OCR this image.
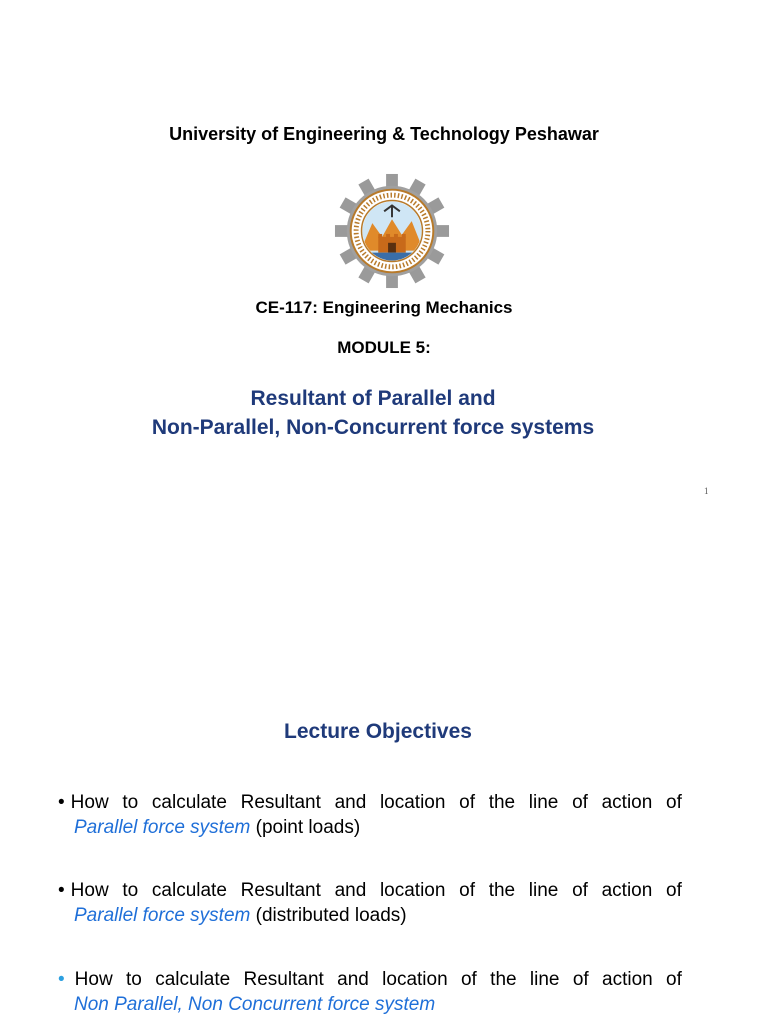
University of Engineering & Technology Peshawar
CE-117: Engineering Mechanics
MODULE 5:
Resultant of Parallel and
Non-Parallel, Non-Concurrent force systems
1
Lecture Objectives
• How to calculate Resultant and location of the line of action of
Parallel force system (point loads)
• How to calculate Resultant and location of the line of action of
Parallel force system (distributed loads)
• How to calculate Resultant and location of the line of action of
Non Parallel, Non Concurrent force system
